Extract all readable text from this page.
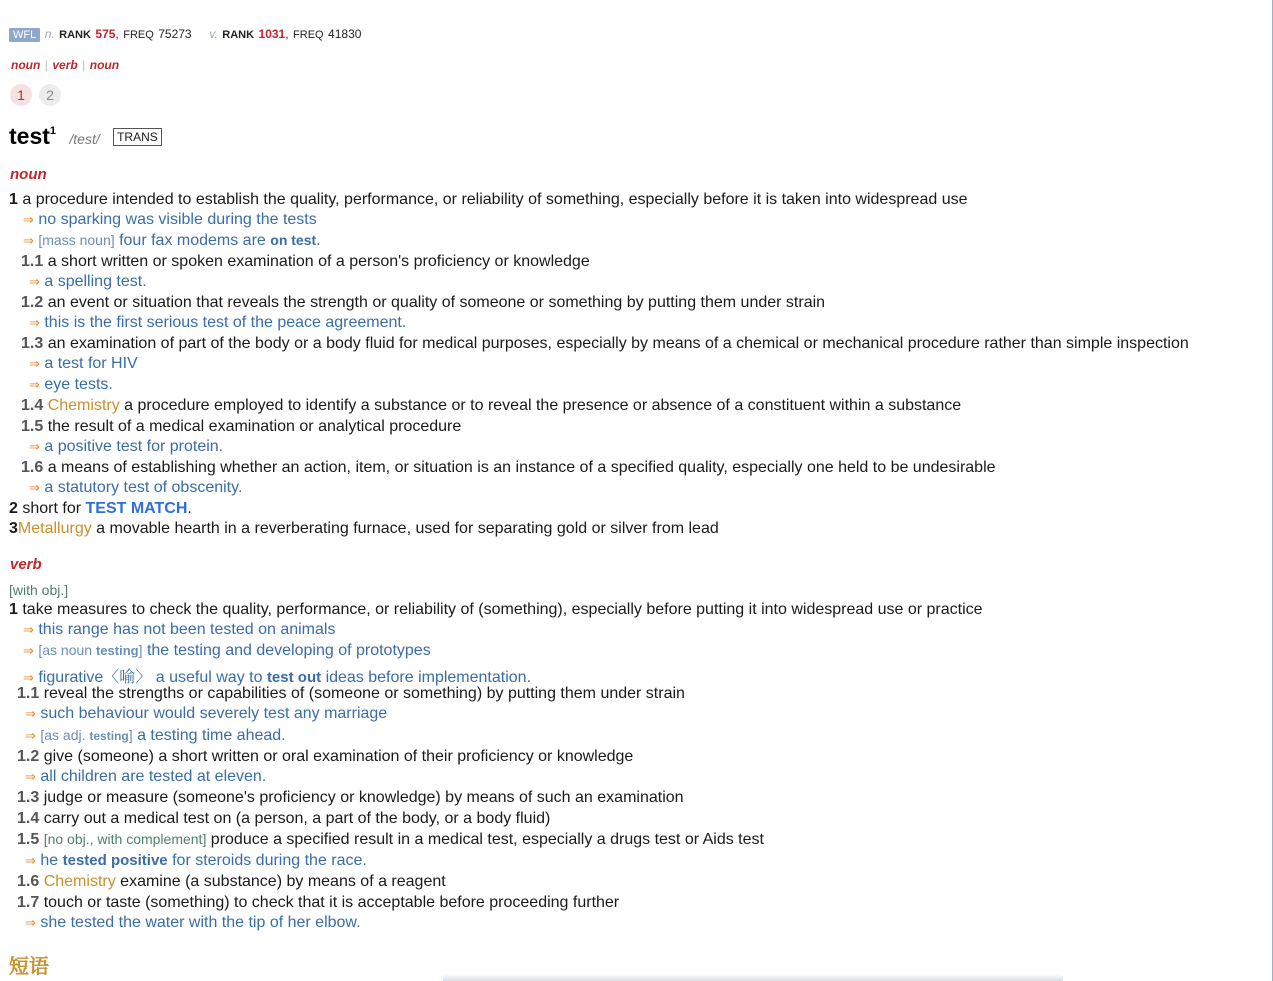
WFL n. RANK 575, FREQ 75273 v. RANK 1031, FREQ 41830
noun | verb | noun
1	2
test$^1$ /test/ TRANS
noun
1 a procedure intended to establish the quality, performance, or reliability of something, especially before it is taken into widespread use
⇒ no sparking was visible during the tests
⇒ [mass noun] four fax modems are on test.
1.1 a short written or spoken examination of a person's proficiency or knowledge
⇒ a spelling test.
1.2 an event or situation that reveals the strength or quality of someone or something by putting them under strain
⇒ this is the first serious test of the peace agreement.
1.3 an examination of part of the body or a body fluid for medical purposes, especially by means of a chemical or mechanical procedure rather than simple inspection
⇒ a test for HIV
⇒ eye tests.
1.4 Chemistry a procedure employed to identify a substance or to reveal the presence or absence of a constituent within a substance
1.5 the result of a medical examination or analytical procedure
⇒ a positive test for protein.
1.6 a means of establishing whether an action, item, or situation is an instance of a specified quality, especially one held to be undesirable
⇒ a statutory test of obscenity.
2 short for TEST MATCH.
3Metallurgy a movable hearth in a reverberating furnace, used for separating gold or silver from lead
verb
[with obj.]
1 take measures to check the quality, performance, or reliability of (something), especially before putting it into widespread use or practice
⇒ this range has not been tested on animals
⇒ [as noun testing] the testing and developing of prototypes
⇒ figurative〈喻〉 a useful way to test out ideas before implementation.
1.1 reveal the strengths or capabilities of (someone or something) by putting them under strain
⇒ such behaviour would severely test any marriage
⇒ [as adj. testing] a testing time ahead.
1.2 give (someone) a short written or oral examination of their proficiency or knowledge
⇒ all children are tested at eleven.
1.3 judge or measure (someone's proficiency or knowledge) by means of such an examination
1.4 carry out a medical test on (a person, a part of the body, or a body fluid)
1.5 [no obj., with complement] produce a specified result in a medical test, especially a drugs test or Aids test
⇒ he tested positive for steroids during the race.
1.6 Chemistry examine (a substance) by means of a reagent
1.7 touch or taste (something) to check that it is acceptable before proceeding further
⇒ she tested the water with the tip of her elbow.
短语
